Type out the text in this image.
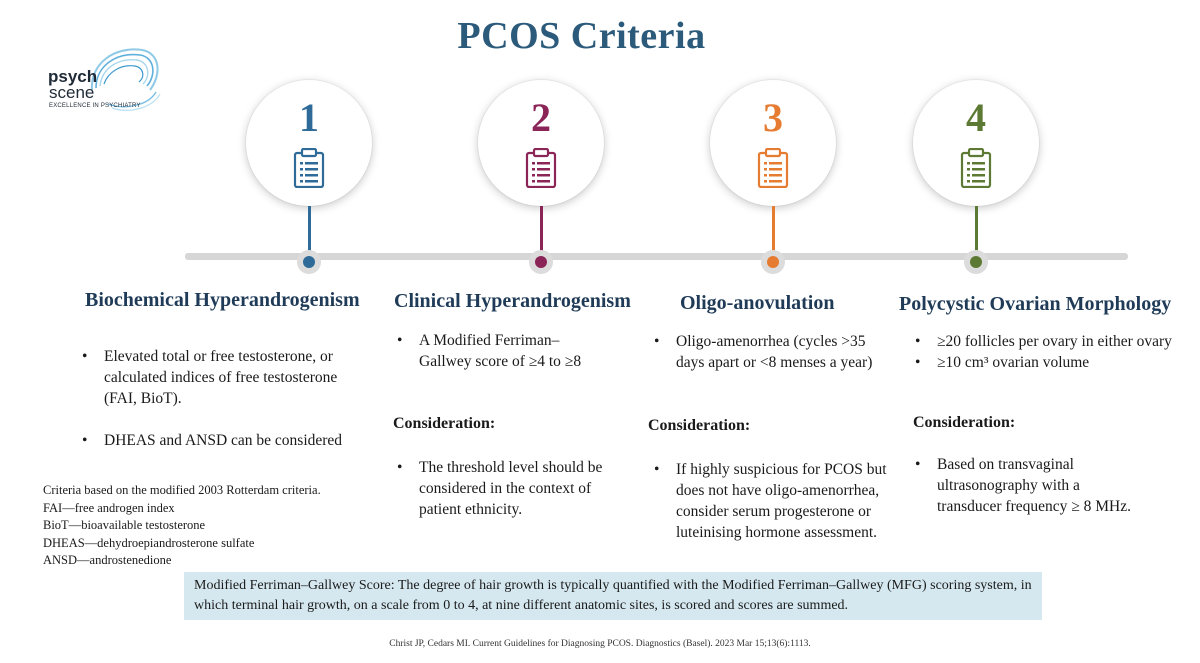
PCOS Criteria
psych
scene
EXCELLENCE IN PSYCHIATRY	1	2	3	4
Biochemical Hyperandrogenism Clinical Hyperandrogenism Oligo-anovulation	Polycystic Ovarian Morphology
• Elevated total or free testosterone, or calculated indices of free testosterone (FAI, BioT).
• DHEAS and ANSD can be considered
• A Modified Ferriman–Gallwey score of ≥4 to ≥8
Consideration:
• The threshold level should be considered in the context of patient ethnicity.
• Oligo-amenorrhea (cycles >35 days apart or <8 menses a year)
Consideration:
• If highly suspicious for PCOS but does not have oligo-amenorrhea, consider serum progesterone or luteinising hormone assessment.
• ≥20 follicles per ovary in either ovary
• ≥10 cm³ ovarian volume
Consideration:
• Based on transvaginal ultrasonography with a transducer frequency ≥ 8 MHz.
Criteria based on the modified 2003 Rotterdam criteria.
FAI—free androgen index
BioT—bioavailable testosterone
DHEAS—dehydroepiandrosterone sulfate
ANSD—androstenedione
Modified Ferriman–Gallwey Score: The degree of hair growth is typically quantified with the Modified Ferriman–Gallwey (MFG) scoring system, in which terminal hair growth, on a scale from 0 to 4, at nine different anatomic sites, is scored and scores are summed.
Christ JP, Cedars MI. Current Guidelines for Diagnosing PCOS. Diagnostics (Basel). 2023 Mar 15;13(6):1113.
